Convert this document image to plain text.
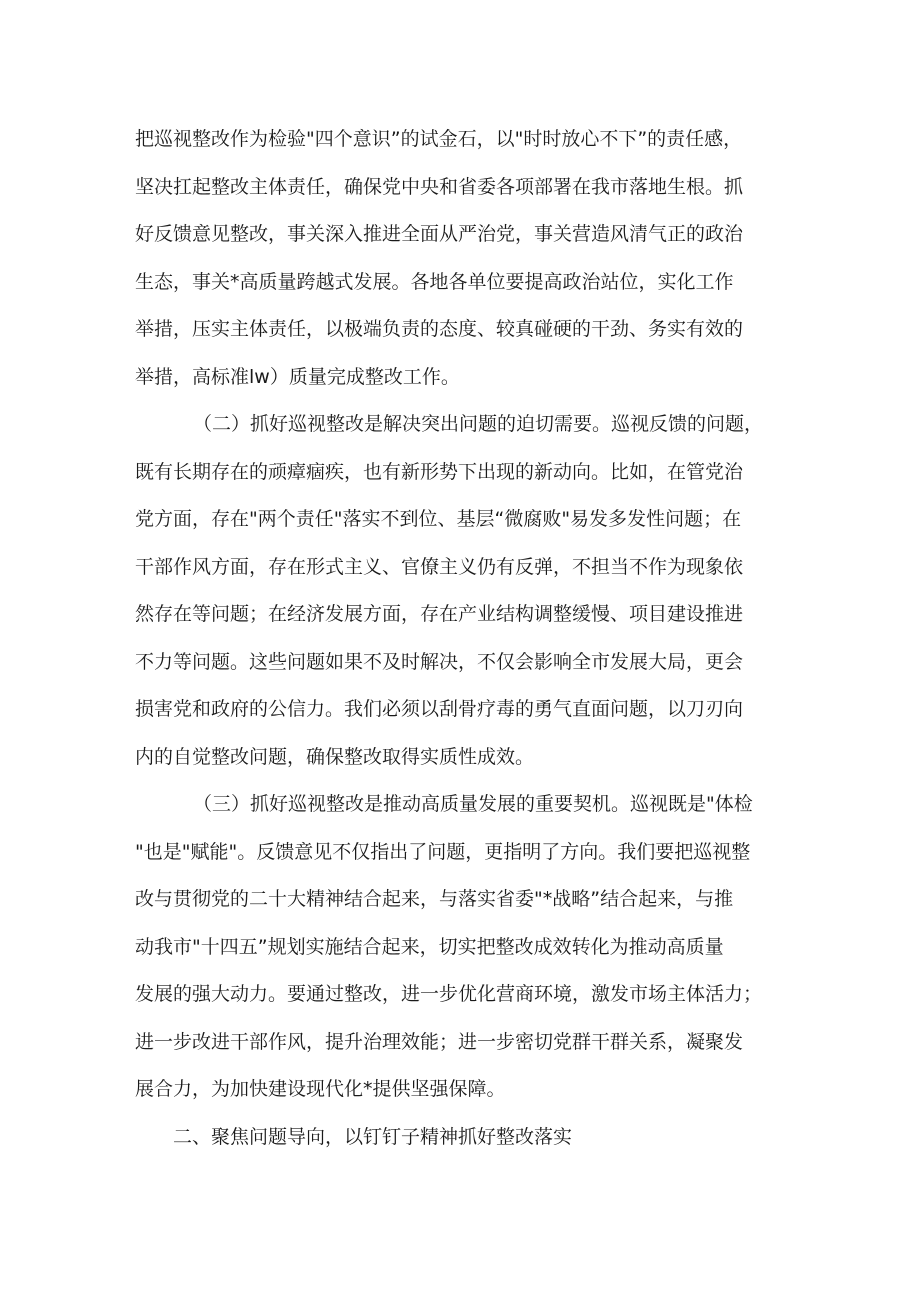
把巡视整改作为检验"四个意识”的试金石，以"时时放心不下”的责任感，
坚决扛起整改主体责任，确保党中央和省委各项部署在我市落地生根。抓
好反馈意见整改，事关深入推进全面从严治党，事关营造风清气正的政治
生态，事关*高质量跨越式发展。各地各单位要提高政治站位，实化工作
举措，压实主体责任，以极端负责的态度、较真碰硬的干劲、务实有效的
举措，高标准lw）质量完成整改工作。
（二）抓好巡视整改是解决突出问题的迫切需要。巡视反馈的问题，
既有长期存在的顽瘴痼疾，也有新形势下出现的新动向。比如，在管党治
党方面，存在"两个责任"落实不到位、基层“微腐败"易发多发性问题；在
干部作风方面，存在形式主义、官僚主义仍有反弹，不担当不作为现象依
然存在等问题；在经济发展方面，存在产业结构调整缓慢、项目建设推进
不力等问题。这些问题如果不及时解决，不仅会影响全市发展大局，更会
损害党和政府的公信力。我们必须以刮骨疗毒的勇气直面问题，以刀刃向
内的自觉整改问题，确保整改取得实质性成效。
（三）抓好巡视整改是推动高质量发展的重要契机。巡视既是"体检
"也是"赋能"。反馈意见不仅指出了问题，更指明了方向。我们要把巡视整
改与贯彻党的二十大精神结合起来，与落实省委"*战略”结合起来，与推
动我市"十四五”规划实施结合起来，切实把整改成效转化为推动高质量
发展的强大动力。要通过整改，进一步优化营商环境，激发市场主体活力；
进一步改进干部作风，提升治理效能；进一步密切党群干群关系，凝聚发
展合力，为加快建设现代化*提供坚强保障。
二、聚焦问题导向，以钉钉子精神抓好整改落实
